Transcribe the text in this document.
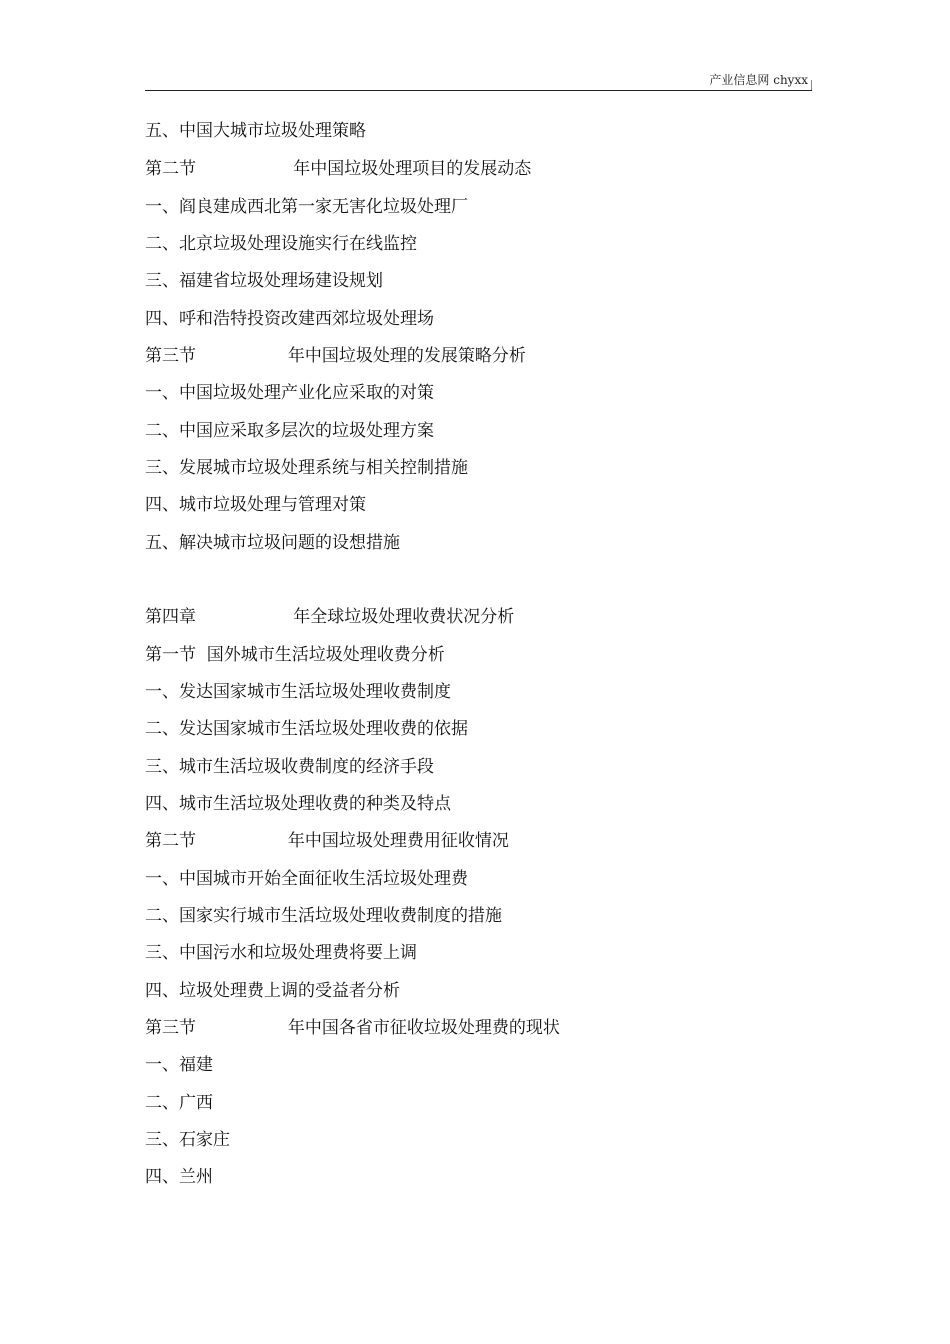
产业信息网 chyxx
五、中国大城市垃圾处理策略
第二节                  年中国垃圾处理项目的发展动态
一、阎良建成西北第一家无害化垃圾处理厂
二、北京垃圾处理设施实行在线监控
三、福建省垃圾处理场建设规划
四、呼和浩特投资改建西郊垃圾处理场
第三节                 年中国垃圾处理的发展策略分析
一、中国垃圾处理产业化应采取的对策
二、中国应采取多层次的垃圾处理方案
三、发展城市垃圾处理系统与相关控制措施
四、城市垃圾处理与管理对策
五、解决城市垃圾问题的设想措施
第四章                  年全球垃圾处理收费状况分析
第一节  国外城市生活垃圾处理收费分析
一、发达国家城市生活垃圾处理收费制度
二、发达国家城市生活垃圾处理收费的依据
三、城市生活垃圾收费制度的经济手段
四、城市生活垃圾处理收费的种类及特点
第二节                 年中国垃圾处理费用征收情况
一、中国城市开始全面征收生活垃圾处理费
二、国家实行城市生活垃圾处理收费制度的措施
三、中国污水和垃圾处理费将要上调
四、垃圾处理费上调的受益者分析
第三节                 年中国各省市征收垃圾处理费的现状
一、福建
二、广西
三、石家庄
四、兰州
